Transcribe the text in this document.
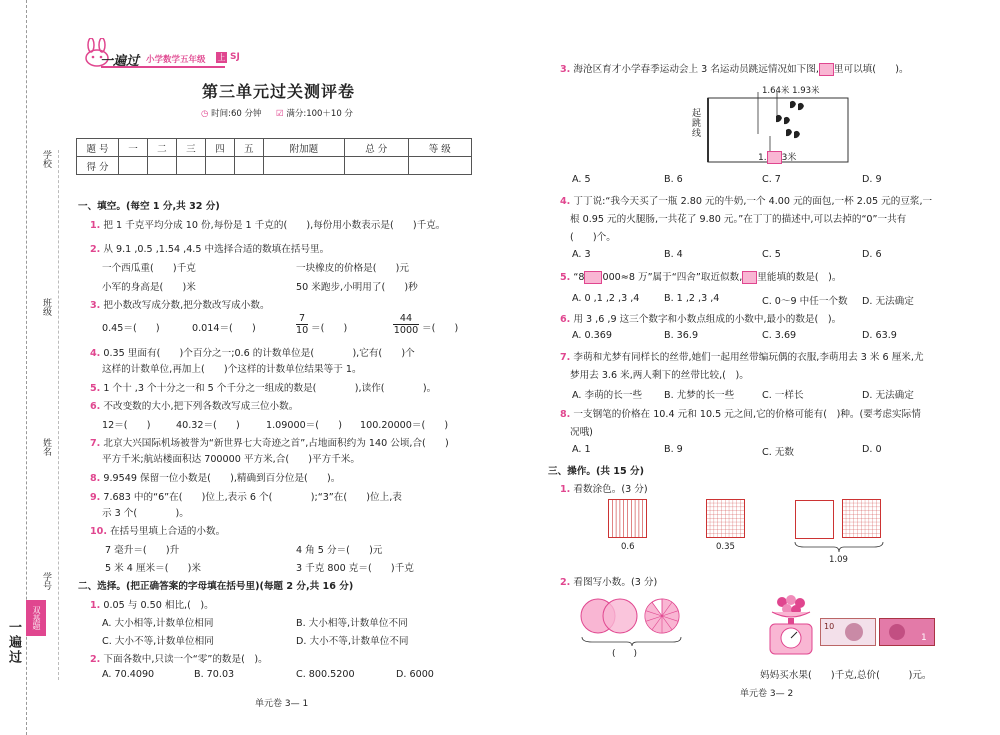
学校
班级
姓名
学号
双基题
一遍过
一遍过 小学数学五年级 上 SJ
第三单元过关测评卷
◷ 时间:60 分钟 ☑ 满分:100＋10 分
题 号	一	二	三	四	五	附加题	总 分	等 级
得 分								
一、填空。(每空 1 分,共 32 分)
1. 把 1 千克平均分成 10 份,每份是 1 千克的(　　),每份用小数表示是(　　)千克。
2. 从 9.1 ,0.5 ,1.54 ,4.5 中选择合适的数填在括号里。
一个西瓜重(　　)千克	一块橡皮的价格是(　　)元
小军的身高是(　　)米	50 米跑步,小明用了(　　)秒
3. 把小数改写成分数,把分数改写成小数。
0.45＝(　　)	0.014＝(　　)	$\frac{7}{10}$ ＝(　　)	$\frac{44}{1000}$ ＝(　　)
4. 0.35 里面有(　　)个百分之一;0.6 的计数单位是(　　　　),它有(　　)个
这样的计数单位,再加上(　　)个这样的计数单位结果等于 1。
5. 1 个十 ,3 个十分之一和 5 个千分之一组成的数是(　　　　),读作(　　　　)。
6. 不改变数的大小,把下列各数改写成三位小数。
12＝(　　)	40.32＝(　　)	1.09000＝(　　) 100.20000＝(　　)
7. 北京大兴国际机场被誉为“新世界七大奇迹之首”,占地面积约为 140 公顷,合(　　)
平方千米;航站楼面积达 700000 平方米,合(　　)平方千米。
8. 9.9549 保留一位小数是(　　),精确到百分位是(　　)。
9. 7.683 中的“6”在(　　)位上,表示 6 个(　　　　);“3”在(　　)位上,表
示 3 个(　　　　)。
10. 在括号里填上合适的小数。
7 毫升＝(　　)升	4 角 5 分＝(　　)元
5 米 4 厘米＝(　　)米	3 千克 800 克＝(　　)千克
二、选择。(把正确答案的字母填在括号里)(每题 2 分,共 16 分)
1. 0.05 与 0.50 相比,(　)。
A. 大小相等,计数单位相同	B. 大小相等,计数单位不同
C. 大小不等,计数单位相同	D. 大小不等,计数单位不同
2. 下面各数中,只读一个“零”的数是(　)。
A. 70.4090	B. 70.03	C. 800.5200	D. 6000
单元卷 3— 1
3. 海沧区育才小学春季运动会上 3 名运动员跳远情况如下图, 里可以填(　　)。
1.64米 1.93米
起跳线
1. 3米
A. 5	B. 6	C. 7	D. 9
4. 丁丁说:“我今天买了一瓶 2.80 元的牛奶,一个 4.00 元的面包,一杯 2.05 元的豆浆,一
根 0.95 元的火腿肠,一共花了 9.80 元。”在丁丁的描述中,可以去掉的“0”一共有
(　　)个。
A. 3	B. 4	C. 5	D. 6
5. “8 000≈8 万”属于“四舍”取近似数, 里能填的数是(　)。
A. 0 ,1 ,2 ,3 ,4	B. 1 ,2 ,3 ,4	C. 0～9 中任一个数 D. 无法确定
6. 用 3 ,6 ,9 这三个数字和小数点组成的小数中,最小的数是(　)。
A. 0.369	B. 36.9	C. 3.69	D. 63.9
7. 李萌和尤梦有同样长的丝带,她们一起用丝带编玩偶的衣服,李萌用去 3 米 6 厘米,尤
梦用去 3.6 米,两人剩下的丝带比较,(　)。
A. 李萌的长一些 B. 尤梦的长一些	C. 一样长	D. 无法确定
8. 一支钢笔的价格在 10.4 元和 10.5 元之间,它的价格可能有(　)种。(要考虑实际情
况哦)
A. 1	B. 9	C. 无数	D. 0
三、操作。(共 15 分)
1. 看数涂色。(3 分)
0.6	0.35
1.09
2. 看图写小数。(3 分)
(　　)
10
1
妈妈买水果(　　)千克,总价(　　　)元。
单元卷 3— 2
